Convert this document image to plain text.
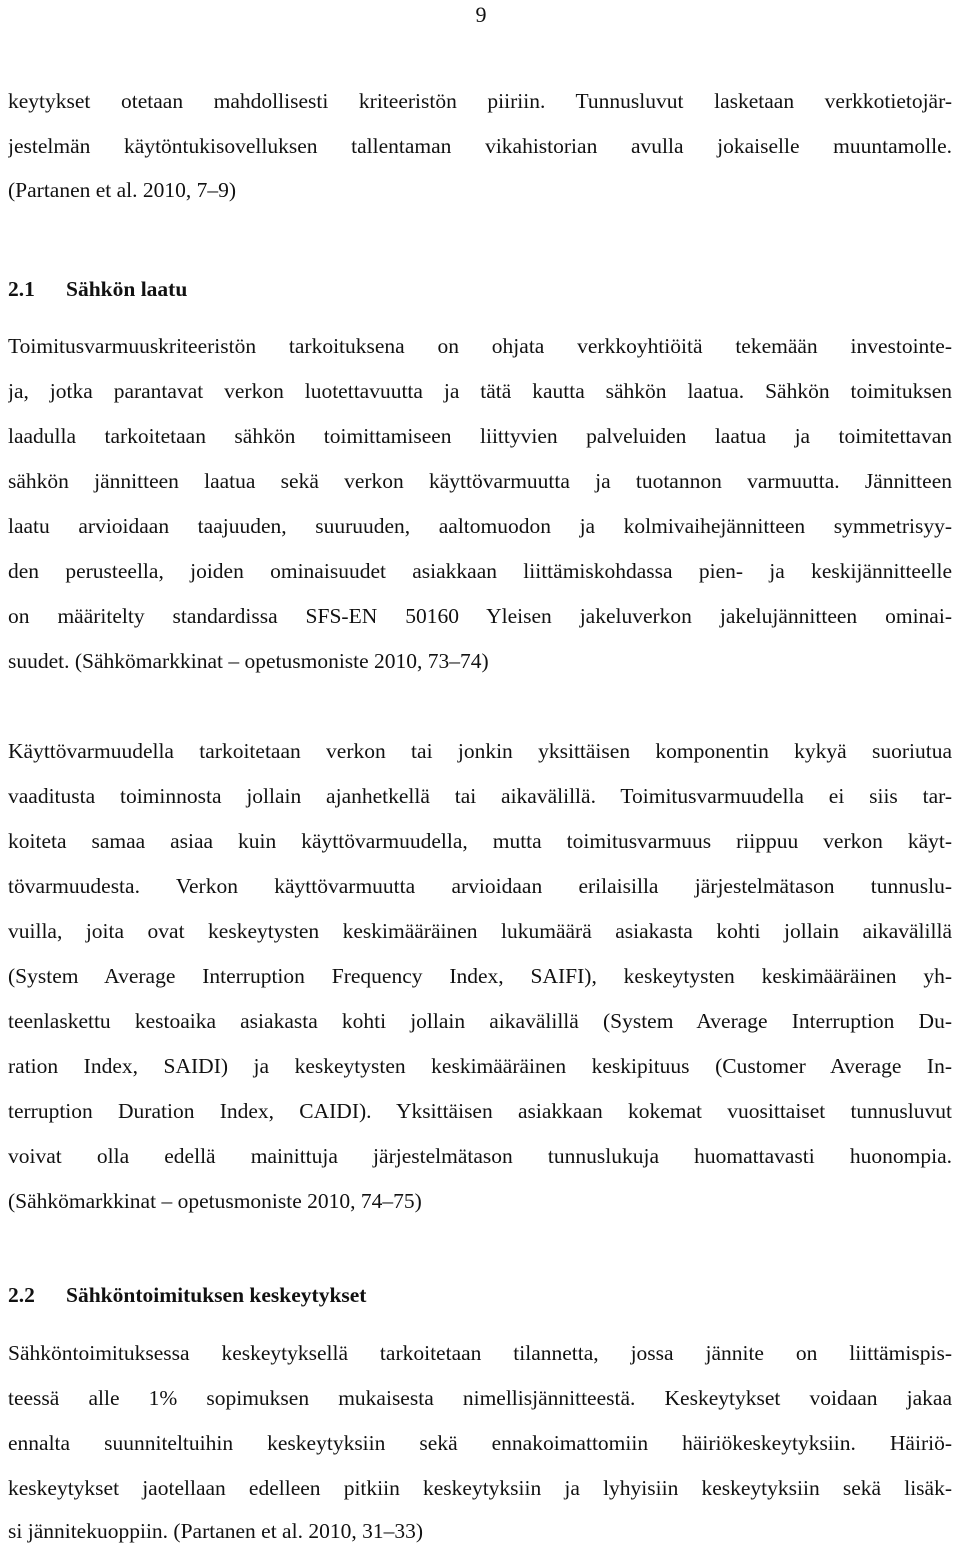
9
keytykset otetaan mahdollisesti kriteeristön piiriin. Tunnusluvut lasketaan verkkotietojär-
jestelmän käytöntukisovelluksen tallentaman vikahistorian avulla jokaiselle muuntamolle.
(Partanen et al. 2010, 7–9)
2.1 Sähkön laatu
Toimitusvarmuuskriteeristön tarkoituksena on ohjata verkkoyhtiöitä tekemään investointe-
ja, jotka parantavat verkon luotettavuutta ja tätä kautta sähkön laatua. Sähkön toimituksen
laadulla tarkoitetaan sähkön toimittamiseen liittyvien palveluiden laatua ja toimitettavan
sähkön jännitteen laatua sekä verkon käyttövarmuutta ja tuotannon varmuutta. Jännitteen
laatu arvioidaan taajuuden, suuruuden, aaltomuodon ja kolmivaihejännitteen symmetrisyy-
den perusteella, joiden ominaisuudet asiakkaan liittämiskohdassa pien- ja keskijännitteelle
on määritelty standardissa SFS-EN 50160 Yleisen jakeluverkon jakelujännitteen ominai-
suudet. (Sähkömarkkinat – opetusmoniste 2010, 73–74)
Käyttövarmuudella tarkoitetaan verkon tai jonkin yksittäisen komponentin kykyä suoriutua
vaaditusta toiminnosta jollain ajanhetkellä tai aikavälillä. Toimitusvarmuudella ei siis tar-
koiteta samaa asiaa kuin käyttövarmuudella, mutta toimitusvarmuus riippuu verkon käyt-
tövarmuudesta. Verkon käyttövarmuutta arvioidaan erilaisilla järjestelmätason tunnuslu-
vuilla, joita ovat keskeytysten keskimääräinen lukumäärä asiakasta kohti jollain aikavälillä
(System Average Interruption Frequency Index, SAIFI), keskeytysten keskimääräinen yh-
teenlaskettu kestoaika asiakasta kohti jollain aikavälillä (System Average Interruption Du-
ration Index, SAIDI) ja keskeytysten keskimääräinen keskipituus (Customer Average In-
terruption Duration Index, CAIDI). Yksittäisen asiakkaan kokemat vuosittaiset tunnusluvut
voivat olla edellä mainittuja järjestelmätason tunnuslukuja huomattavasti huonompia.
(Sähkömarkkinat – opetusmoniste 2010, 74–75)
2.2 Sähköntoimituksen keskeytykset
Sähköntoimituksessa keskeytyksellä tarkoitetaan tilannetta, jossa jännite on liittämispis-
teessä alle 1% sopimuksen mukaisesta nimellisjännitteestä. Keskeytykset voidaan jakaa
ennalta suunniteltuihin keskeytyksiin sekä ennakoimattomiin häiriökeskeytyksiin. Häiriö-
keskeytykset jaotellaan edelleen pitkiin keskeytyksiin ja lyhyisiin keskeytyksiin sekä lisäk-
si jännitekuoppiin. (Partanen et al. 2010, 31–33)
